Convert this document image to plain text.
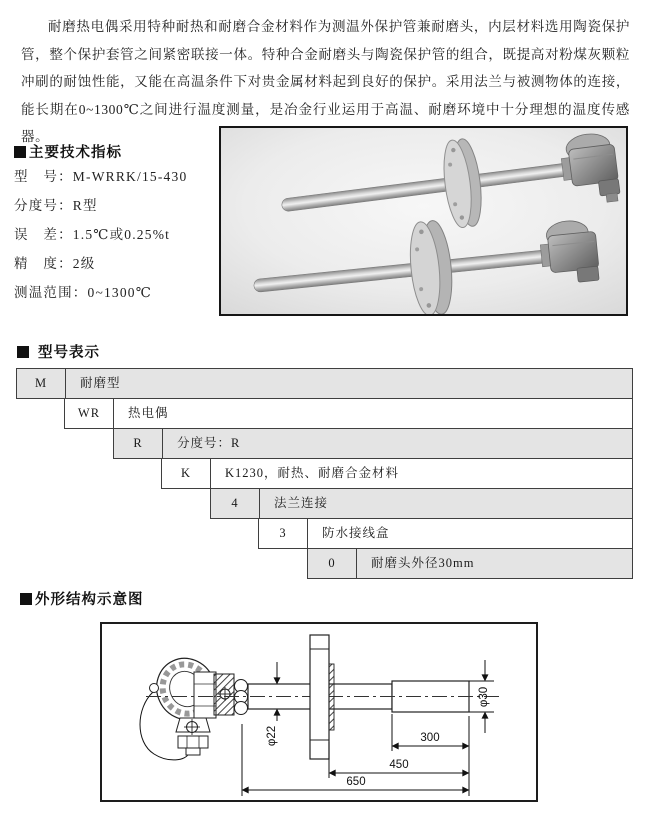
耐磨热电偶采用特种耐热和耐磨合金材料作为测温外保护管兼耐磨头，内层材料选用陶瓷保护管，整个保护套管之间紧密联接一体。特种合金耐磨头与陶瓷保护管的组合，既提高对粉煤灰颗粒冲刷的耐蚀性能，又能在高温条件下对贵金属材料起到良好的保护。采用法兰与被测物体的连接，能长期在0~1300℃之间进行温度测量，是冶金行业运用于高温、耐磨环境中十分理想的温度传感器。
主要技术指标
型　号：M-WRRK/15-430
分度号：R型
误　差：1.5℃或0.25%t
精　度：2级
测温范围：0~1300℃
型号表示
M	耐磨型
WR	热电偶
R	分度号：R
K	K1230，耐热、耐磨合金材料
4	法兰连接
3	防水接线盒
0	耐磨头外径30mm
外形结构示意图
φ22
φ30
300
450
650
